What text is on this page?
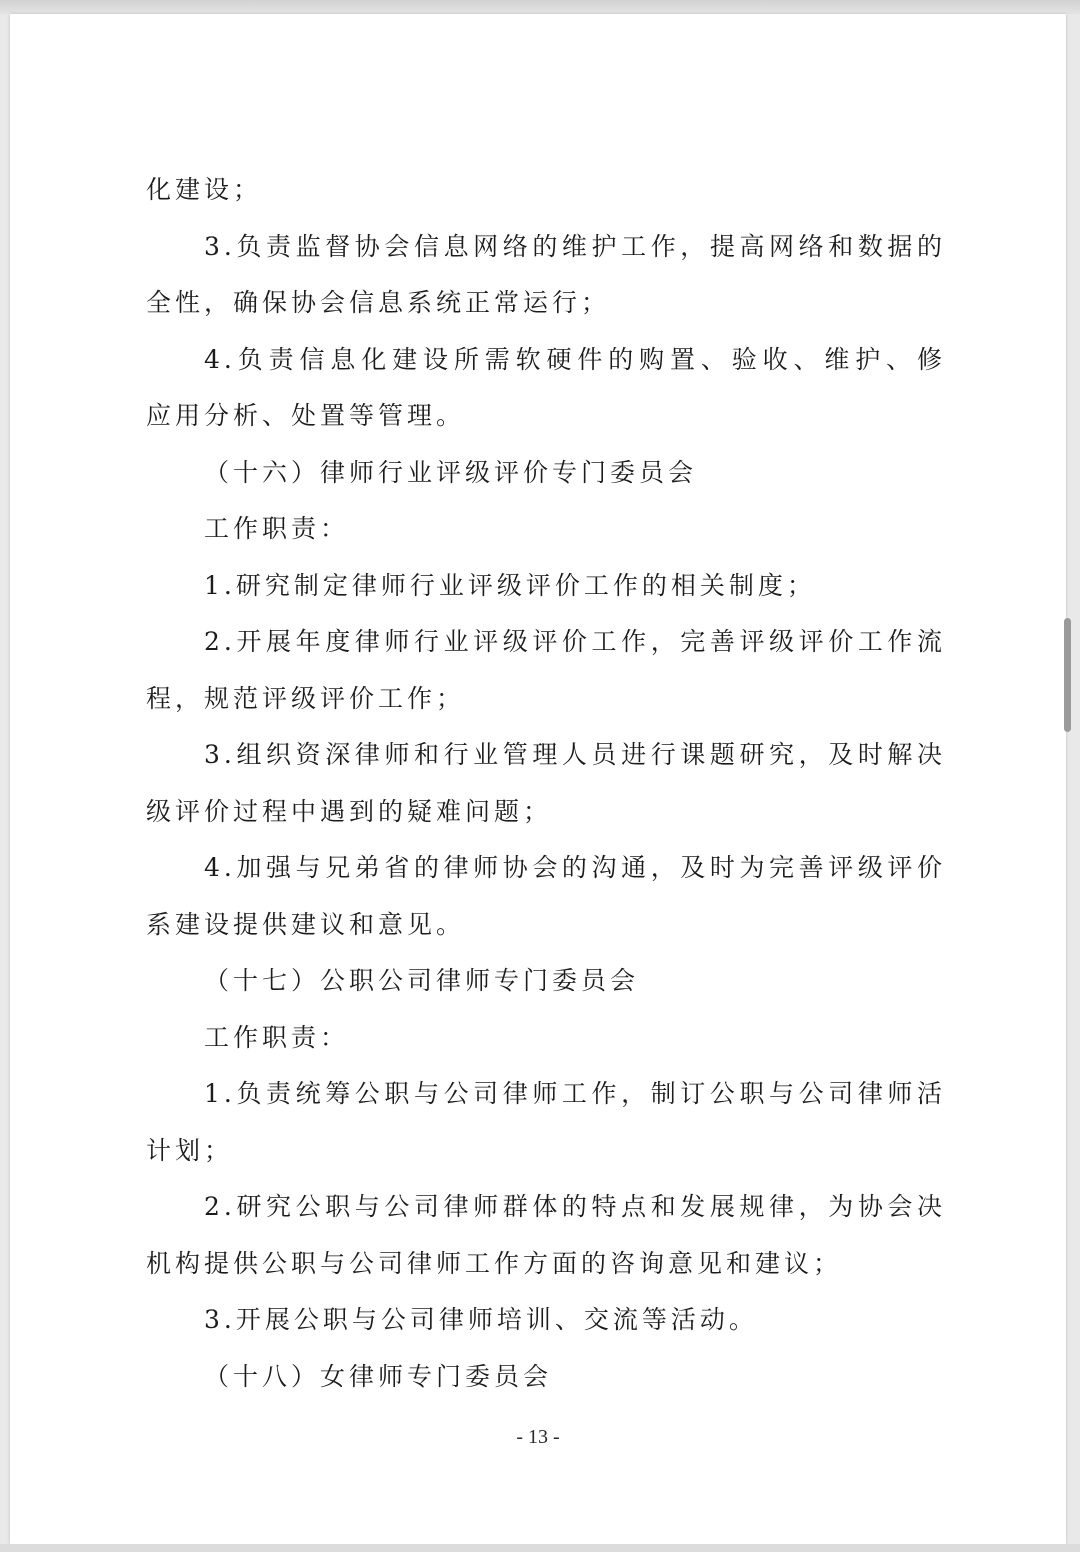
化建设；
3.负责监督协会信息网络的维护工作，提高网络和数据的
全性，确保协会信息系统正常运行；
4.负责信息化建设所需软硬件的购置、验收、维护、修
应用分析、处置等管理。
（十六）律师行业评级评价专门委员会
工作职责：
1.研究制定律师行业评级评价工作的相关制度；
2.开展年度律师行业评级评价工作，完善评级评价工作流
程，规范评级评价工作；
3.组织资深律师和行业管理人员进行课题研究，及时解决
级评价过程中遇到的疑难问题；
4.加强与兄弟省的律师协会的沟通，及时为完善评级评价
系建设提供建议和意见。
（十七）公职公司律师专门委员会
工作职责：
1.负责统筹公职与公司律师工作，制订公职与公司律师活
计划；
2.研究公职与公司律师群体的特点和发展规律，为协会决
机构提供公职与公司律师工作方面的咨询意见和建议；
3.开展公职与公司律师培训、交流等活动。
（十八）女律师专门委员会
- 13 -
